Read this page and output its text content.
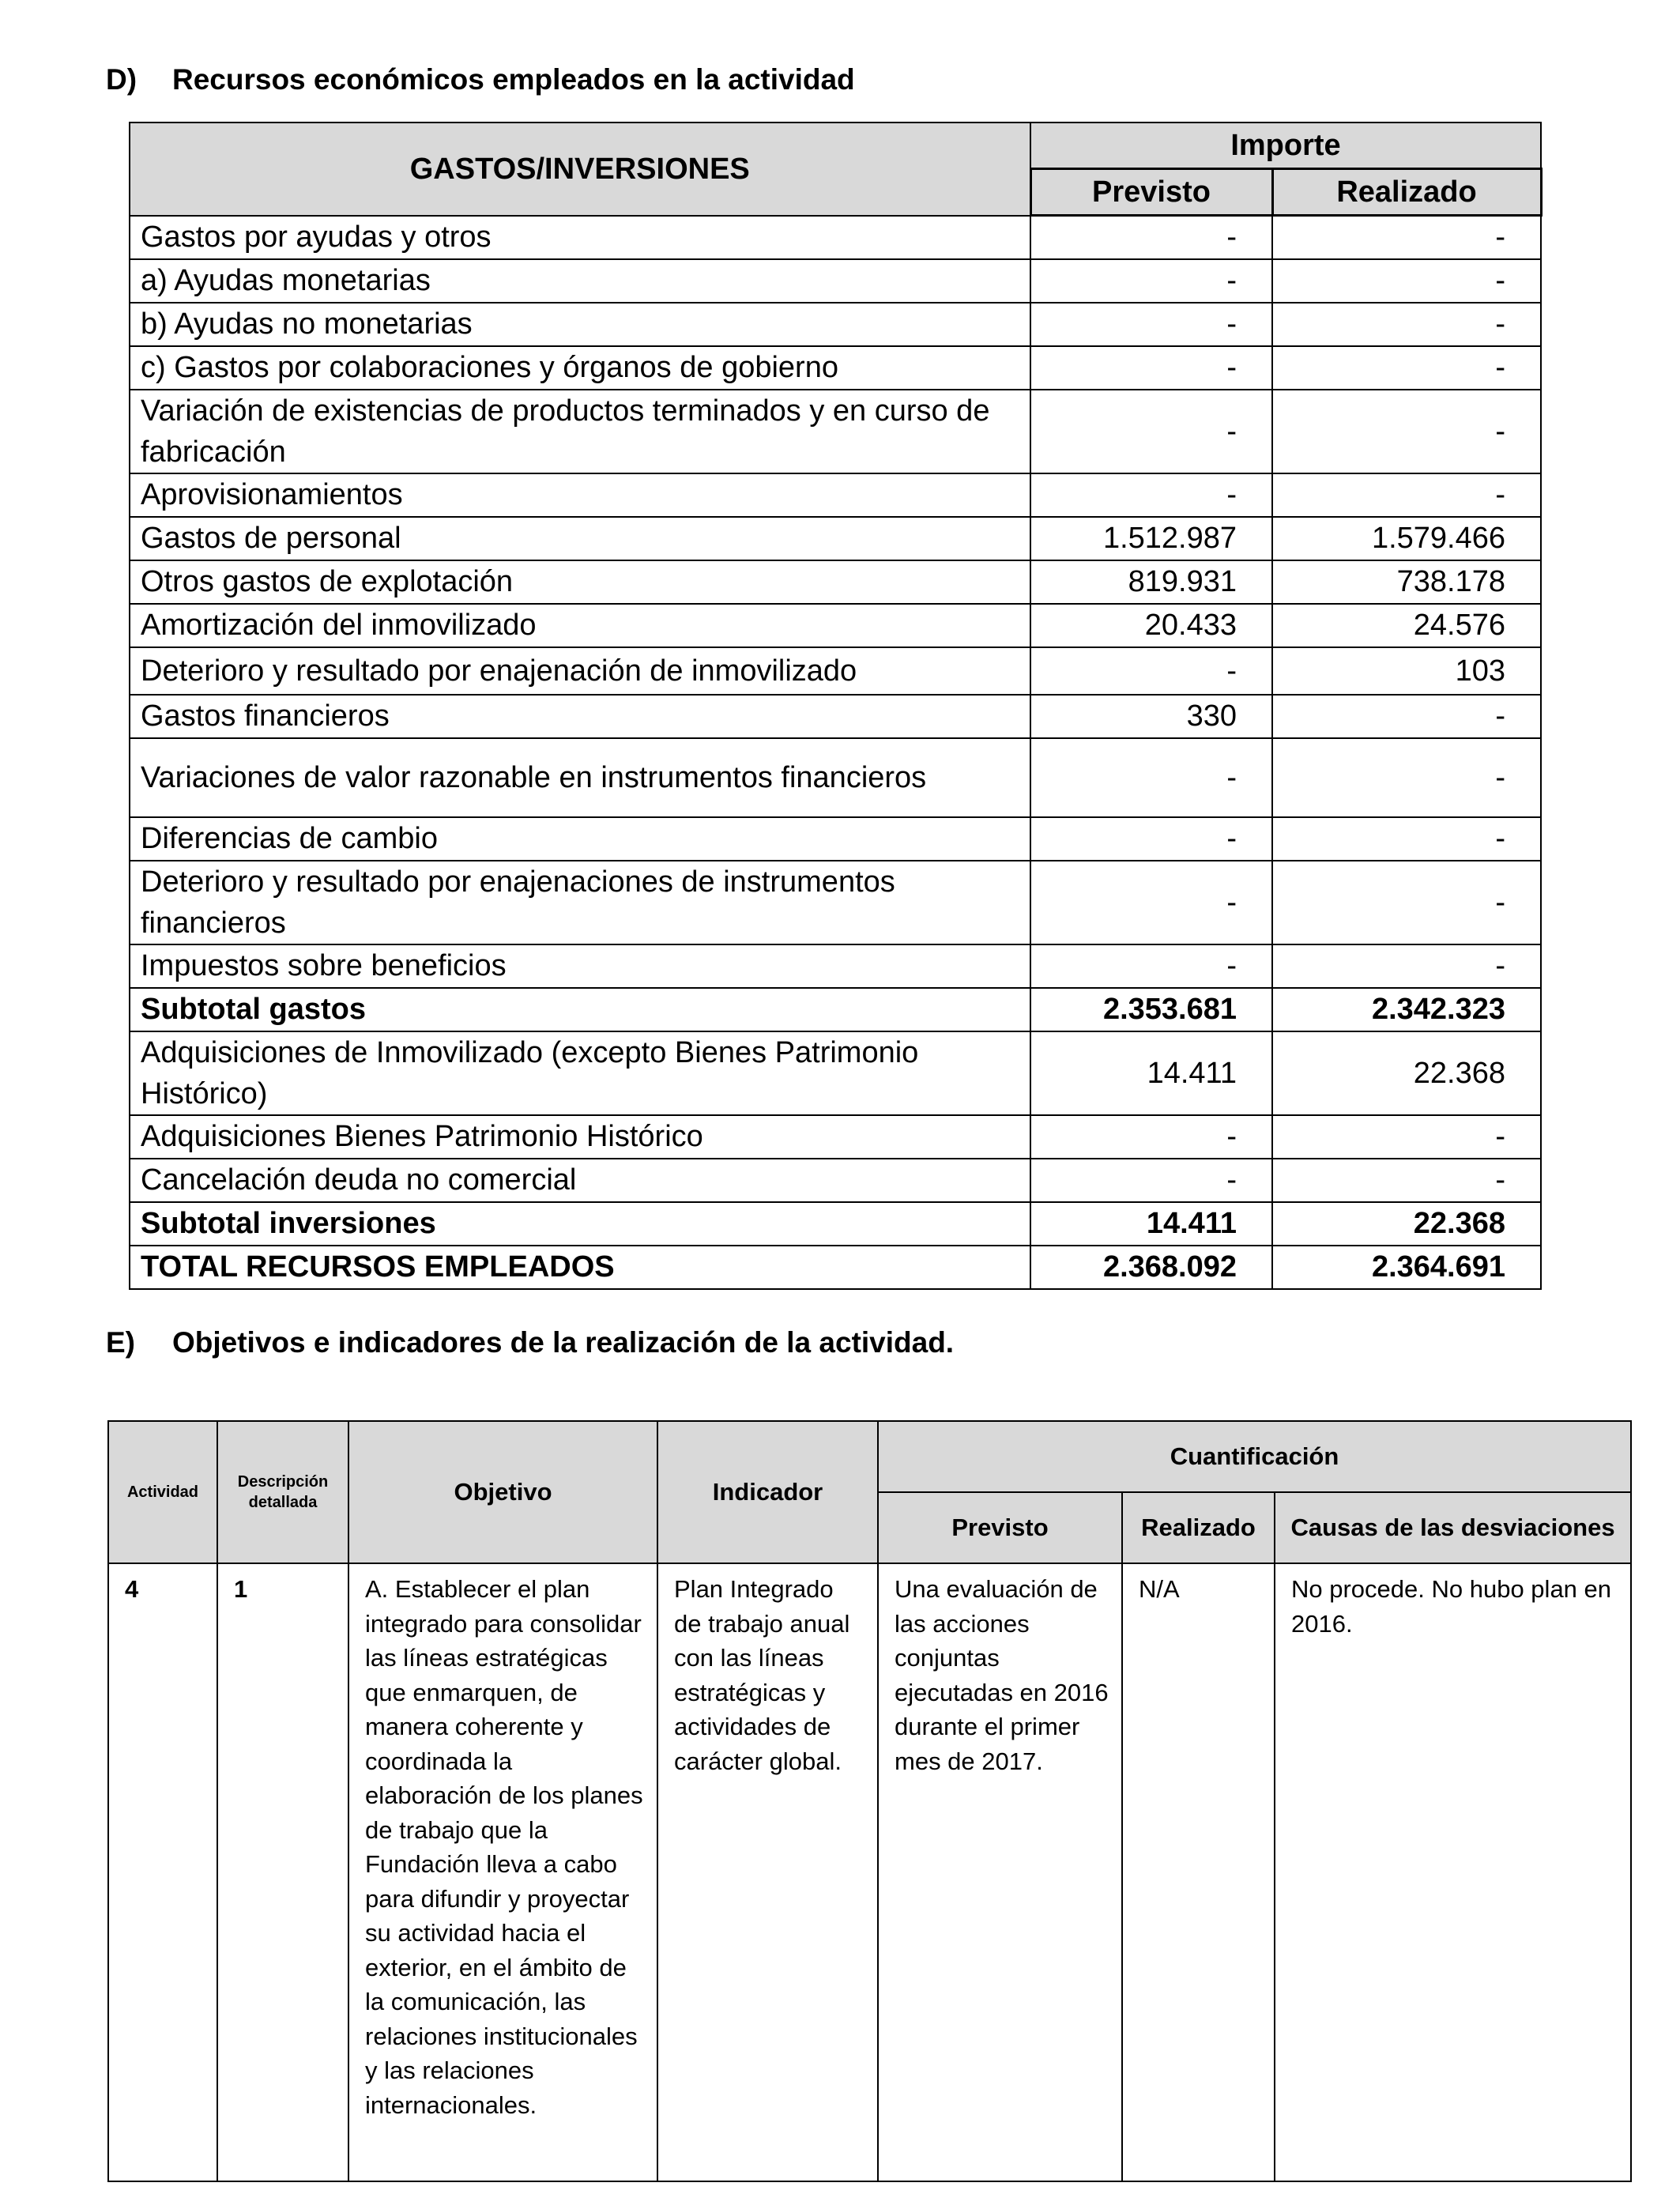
D) Recursos económicos empleados en la actividad
GASTOS/INVERSIONES	Importe	
	Previsto	Realizado
Gastos por ayudas y otros	-	-
a) Ayudas monetarias	-	-
b) Ayudas no monetarias	-	-
c) Gastos por colaboraciones y órganos de gobierno	-	-
Variación de existencias de productos terminados y en curso de fabricación	-	-
Aprovisionamientos	-	-
Gastos de personal	1.512.987	1.579.466
Otros gastos de explotación	819.931	738.178
Amortización del inmovilizado	20.433	24.576
Deterioro y resultado por enajenación de inmovilizado	-	103
Gastos financieros	330	-
Variaciones de valor razonable en instrumentos financieros	-	-
Diferencias de cambio	-	-
Deterioro y resultado por enajenaciones de instrumentos financieros	-	-
Impuestos sobre beneficios	-	-
Subtotal gastos	2.353.681	2.342.323
Adquisiciones de Inmovilizado (excepto Bienes Patrimonio Histórico)	14.411	22.368
Adquisiciones Bienes Patrimonio Histórico	-	-
Cancelación deuda no comercial	-	-
Subtotal inversiones	14.411	22.368
TOTAL RECURSOS EMPLEADOS	2.368.092	2.364.691
E) Objetivos e indicadores de la realización de la actividad.
Actividad	Descripción detallada	Objetivo	Indicador	Cuantificación		
				Previsto	Realizado	Causas de las desviaciones
4	1	A. Establecer el plan integrado para consolidar las líneas estratégicas que enmarquen, de manera coherente y coordinada la elaboración de los planes de trabajo que la Fundación lleva a cabo para difundir y proyectar su actividad hacia el exterior, en el ámbito de la comunicación, las relaciones institucionales y las relaciones internacionales.	Plan Integrado de trabajo anual con las líneas estratégicas y actividades de carácter global.	Una evaluación de las acciones conjuntas ejecutadas en 2016 durante el primer mes de 2017.	N/A	No procede. No hubo plan en 2016.
